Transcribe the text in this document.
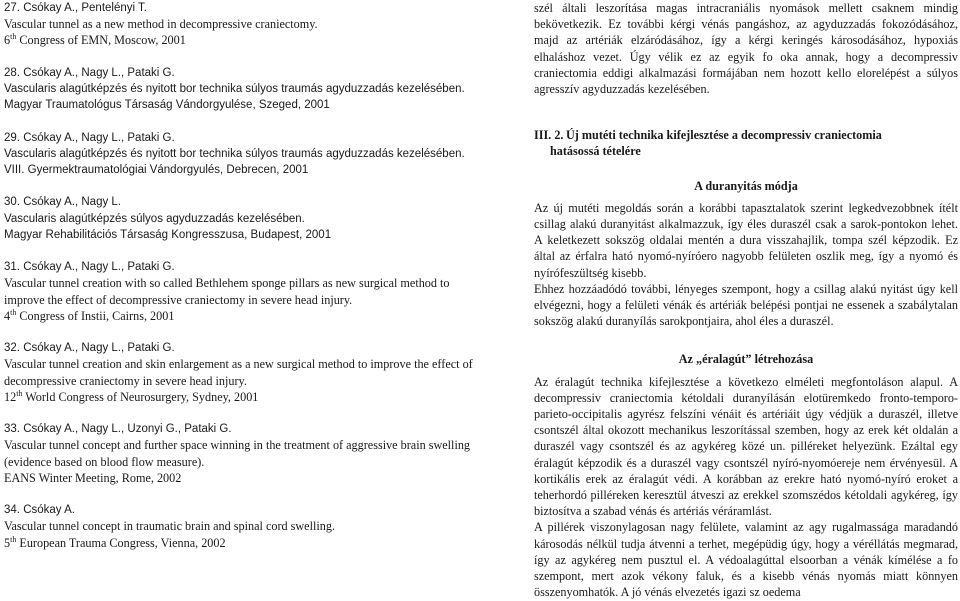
27. Csókay A., Pentelényi T.

Vascular tunnel as a new method in decompressive craniectomy.

6th Congress of EMN, Moscow, 2001

28. Csókay A., Nagy L., Pataki G.

Vascularis alagútképzés és nyitott bor technika súlyos traumás agyduzzadás kezelésében.

Magyar Traumatológus Társaság Vándorgyulése, Szeged, 2001

29. Csókay A., Nagy L., Pataki G.

Vascularis alagútképzés és nyitott bor technika súlyos traumás agyduzzadás kezelésében.

VIII. Gyermektraumatológiai Vándorgyulés, Debrecen, 2001

30. Csókay A., Nagy L.

Vascularis alagútképzés súlyos agyduzzadás kezelésében.

Magyar Rehabilitációs Társaság Kongresszusa, Budapest, 2001

31. Csókay A., Nagy L., Pataki G.

Vascular tunnel creation with so called Bethlehem sponge pillars as new surgical method to improve the effect of decompressive craniectomy in severe head injury.

4th Congress of Instii, Cairns, 2001

32. Csókay A., Nagy L., Pataki G.

Vascular tunnel creation and skin enlargement as a new surgical method to improve the effect of decompressive craniectomy in severe head injury.

12th World Congress of Neurosurgery, Sydney, 2001

33. Csókay A., Nagy L., Uzonyi G., Pataki G.

Vascular tunnel concept and further space winning in the treatment of aggressive brain swelling (evidence based on blood flow measure).

EANS Winter Meeting, Rome, 2002

34. Csókay A.

Vascular tunnel concept in traumatic brain and spinal cord swelling.

5th European Trauma Congress, Vienna, 2002

szél általi leszorítása magas intracraniális nyomások mellett csaknem mindig bekövetkezik. Ez további kérgi vénás pangáshoz, az agyduzzadás fokozódásához, majd az artériák elzáródásához, így a kérgi keringés károsodásához, hypoxiás elhaláshoz vezet. Úgy vélik ez az egyik fo oka annak, hogy a decompressiv craniectomia eddigi alkalmazási formájában nem hozott kello elorelépést a súlyos agresszív agyduzzadás kezelésében.

III. 2. Új mutéti technika kifejlesztése a decompressiv craniectomia
hatásossá tételére
A duranyitás módja

Az új mutéti megoldás során a korábbi tapasztalatok szerint legkedvezobbnek ítélt csillag alakú duranyitást alkalmazzuk, így éles duraszél csak a sarok-pontokon lehet. A keletkezett sokszög oldalai mentén a dura visszahajlik, tompa szél képzodik. Ez által az érfalra ható nyomó-nyíróero nagyobb felületen oszlik meg, így a nyomó és nyírófeszültség kisebb.

Ehhez hozzáadódó további, lényeges szempont, hogy a csillag alakú nyitást úgy kell elvégezni, hogy a felületi vénák és artériák belépési pontjai ne essenek a szabálytalan sokszög alakú duranyílás sarokpontjaira, ahol éles a duraszél.

Az „éralagút” létrehozása

Az éralagút technika kifejlesztése a következo elméleti megfontoláson alapul. A decompressiv craniectomia kétoldali duranyílásán elotüremkedo fronto-temporo-parieto-occipitalis agyrész felszíni vénáit és artériáit úgy védjük a duraszél, illetve csontszél által okozott mechanikus leszorítással szemben, hogy az erek két oldalán a duraszél vagy csontszél és az agykéreg közé un. pilléreket helyezünk. Ezáltal egy éralagút képzodik és a duraszél vagy csontszél nyíró-nyomóereje nem érvényesül. A kortikális erek az éralagút védi. A korábban az erekre ható nyomó-nyíró eroket a teherhordó pilléreken keresztül átveszi az erekkel szomszédos kétoldali agykéreg, így biztosítva a szabad vénás és artériás véráramlást.

A pillérek viszonylagosan nagy felülete, valamint az agy rugalmassága maradandó károsodás nélkül tudja átvenni a terhet, megépüdig úgy, hogy a véréllátás megmarad, így az agykéreg nem pusztul el. A védoalagúttal elsoorban a vénák kímélése a fo szempont, mert azok vékony faluk, és a kisebb vénás nyomás miatt könnyen összenyomhatók. A jó vénás elvezetés igazi sz oedema
